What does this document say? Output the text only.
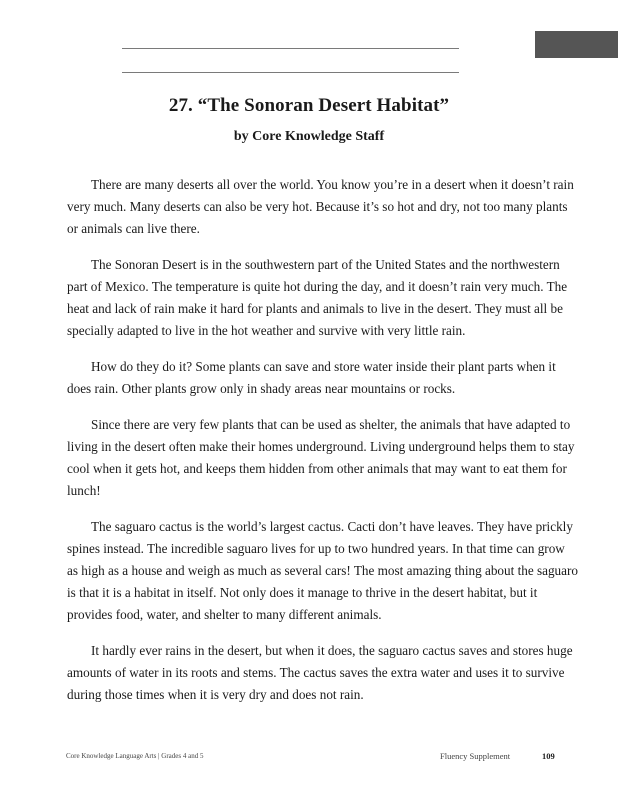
27. “The Sonoran Desert Habitat”
by Core Knowledge Staff

There are many deserts all over the world. You know you’re in a desert when it doesn’t rain very much. Many deserts can also be very hot. Because it’s so hot and dry, not too many plants or animals can live there.

The Sonoran Desert is in the southwestern part of the United States and the northwestern part of Mexico. The temperature is quite hot during the day, and it doesn’t rain very much. The heat and lack of rain make it hard for plants and animals to live in the desert. They must all be specially adapted to live in the hot weather and survive with very little rain.

How do they do it? Some plants can save and store water inside their plant parts when it does rain. Other plants grow only in shady areas near mountains or rocks.

Since there are very few plants that can be used as shelter, the animals that have adapted to living in the desert often make their homes underground. Living underground helps them to stay cool when it gets hot, and keeps them hidden from other animals that may want to eat them for lunch!

The saguaro cactus is the world’s largest cactus. Cacti don’t have leaves. They have prickly spines instead. The incredible saguaro lives for up to two hundred years. In that time can grow as high as a house and weigh as much as several cars! The most amazing thing about the saguaro is that it is a habitat in itself. Not only does it manage to thrive in the desert habitat, but it provides food, water, and shelter to many different animals.

It hardly ever rains in the desert, but when it does, the saguaro cactus saves and stores huge amounts of water in its roots and stems. The cactus saves the extra water and uses it to survive during those times when it is very dry and does not rain.

Core Knowledge Language Arts | Grades 4 and 5	Fluency Supplement	109
